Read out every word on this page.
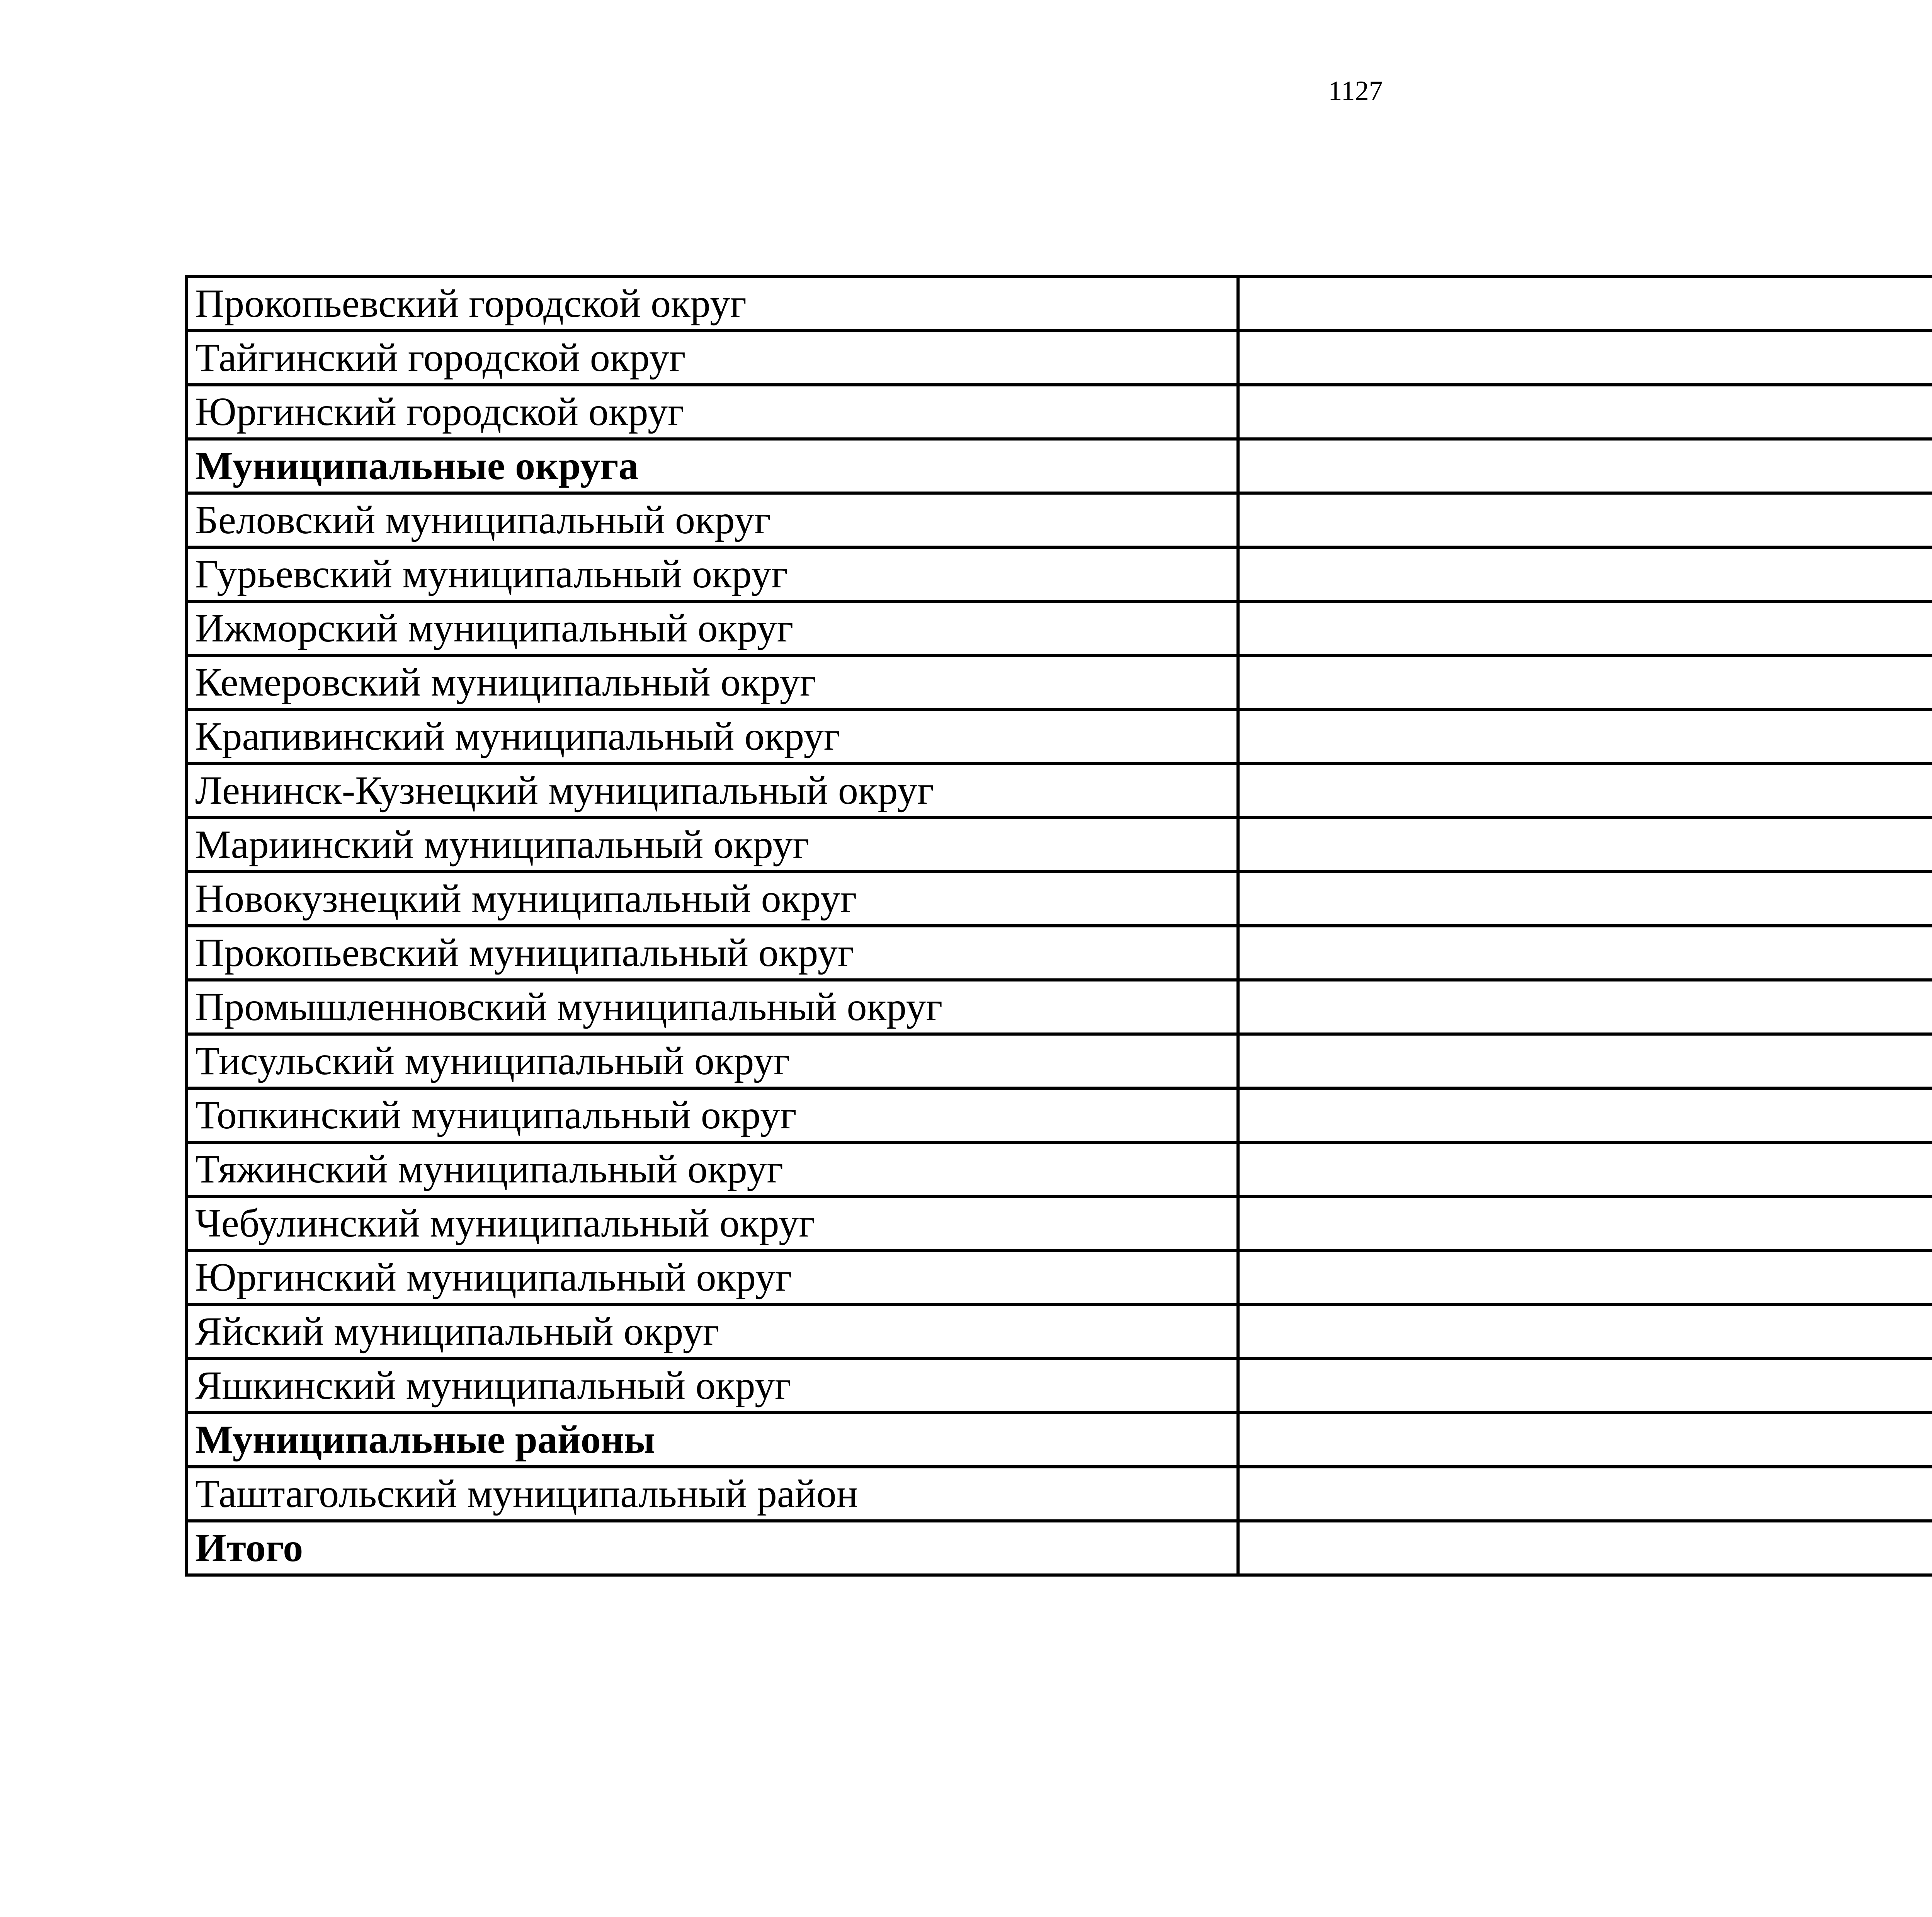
1127
Прокопьевский городской округ	
Тайгинский городской округ	
Юргинский городской округ	
Муниципальные округа	
Беловский муниципальный округ	
Гурьевский муниципальный округ	
Ижморский муниципальный округ	
Кемеровский муниципальный округ	
Крапивинский муниципальный округ	
Ленинск-Кузнецкий муниципальный округ	
Мариинский муниципальный округ	
Новокузнецкий муниципальный округ	
Прокопьевский муниципальный округ	
Промышленновский муниципальный округ	
Тисульский муниципальный округ	
Топкинский муниципальный округ	
Тяжинский муниципальный округ	
Чебулинский муниципальный округ	
Юргинский муниципальный округ	
Яйский муниципальный округ	
Яшкинский муниципальный округ	
Муниципальные районы	
Таштагольский муниципальный район	
Итого	
